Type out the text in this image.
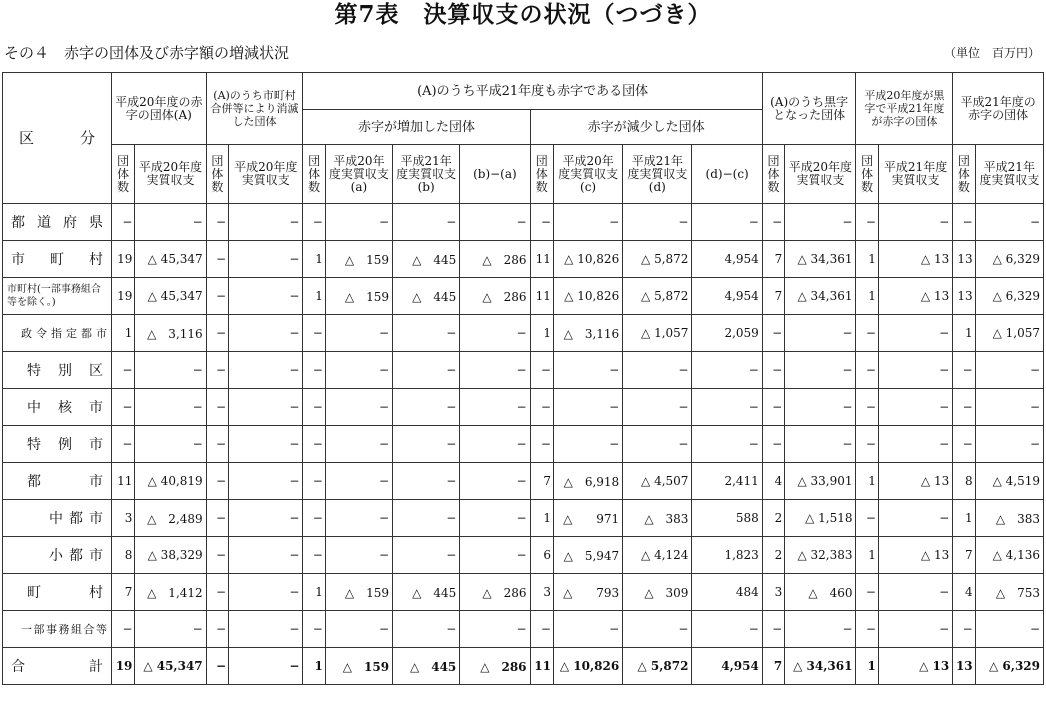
第7表　決算収支の状況（つづき）
その４　赤字の団体及び赤字額の増減状況	（単位　百万円）
区　　分	平成20年度の赤字の団体(A)		(A)のうち市町村合併等により消滅した団体		(A)のうち平成21年度も赤字である団体								(A)のうち黒字となった団体		平成20年度が黒字で平成21年度が赤字の団体		平成21年度の赤字の団体	
					赤字が増加した団体				赤字が減少した団体									
	団体数	平成20年度実質収支	団体数	平成20年度実質収支	団体数	平成20年度実質収支(a)	平成21年度実質収支(b)	(b)−(a)	団体数	平成20年度実質収支(c)	平成21年度実質収支(d)	(d)−(c)	団体数	平成20年度実質収支	団体数	平成21年度実質収支	団体数	平成21年度実質収支
都道府県	−	−	−	−	−	−	−	−	−	−	−	−	−	−	−	−	−	−
市町村	19	△ 45,347	−	−	1	△　159	△　445	△　286	11	△ 10,826	△ 5,872	4,954	7	△ 34,361	1	△ 13	13	△ 6,329
市町村(一部事務組合等を除く。)	19	△ 45,347	−	−	1	△　159	△　445	△　286	11	△ 10,826	△ 5,872	4,954	7	△ 34,361	1	△ 13	13	△ 6,329
政令指定都市	1	△　3,116	−	−	−	−	−	−	1	△　3,116	△ 1,057	2,059	−	−	−	−	1	△ 1,057
特別区	−	−	−	−	−	−	−	−	−	−	−	−	−	−	−	−	−	−
中核市	−	−	−	−	−	−	−	−	−	−	−	−	−	−	−	−	−	−
特例市	−	−	−	−	−	−	−	−	−	−	−	−	−	−	−	−	−	−
都市	11	△ 40,819	−	−	−	−	−	−	7	△　6,918	△ 4,507	2,411	4	△ 33,901	1	△ 13	8	△ 4,519
中都市	3	△　2,489	−	−	−	−	−	−	1	△　　971	△　383	588	2	△ 1,518	−	−	1	△　383
小都市	8	△ 38,329	−	−	−	−	−	−	6	△　5,947	△ 4,124	1,823	2	△ 32,383	1	△ 13	7	△ 4,136
町村	7	△　1,412	−	−	1	△　159	△　445	△　286	3	△　　793	△　309	484	3	△　460	−	−	4	△　753
一部事務組合等	−	−	−	−	−	−	−	−	−	−	−	−	−	−	−	−	−	−
合計	19	△ 45,347	−	−	1	△　159	△　445	△　286	11	△ 10,826	△ 5,872	4,954	7	△ 34,361	1	△ 13	13	△ 6,329
